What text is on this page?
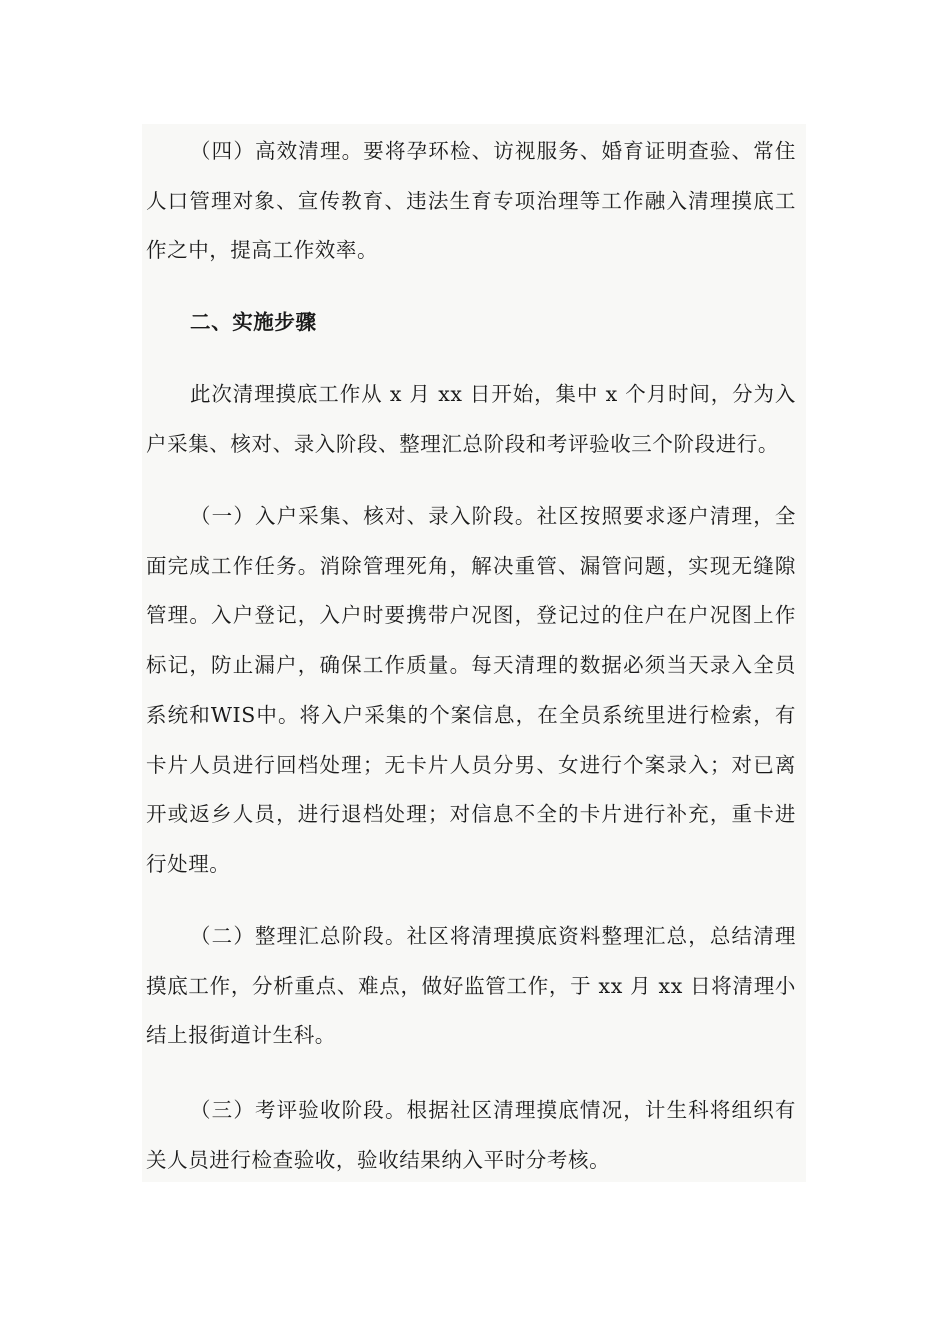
（四）高效清理。要将孕环检、访视服务、婚育证明查验、常住人口管理对象、宣传教育、违法生育专项治理等工作融入清理摸底工作之中，提高工作效率。

二、实施步骤

此次清理摸底工作从 x 月 xx 日开始，集中 x 个月时间，分为入户采集、核对、录入阶段、整理汇总阶段和考评验收三个阶段进行。

（一）入户采集、核对、录入阶段。社区按照要求逐户清理，全面完成工作任务。消除管理死角，解决重管、漏管问题，实现无缝隙管理。入户登记，入户时要携带户况图，登记过的住户在户况图上作标记，防止漏户，确保工作质量。每天清理的数据必须当天录入全员系统和WIS中。将入户采集的个案信息，在全员系统里进行检索，有卡片人员进行回档处理；无卡片人员分男、女进行个案录入；对已离开或返乡人员，进行退档处理；对信息不全的卡片进行补充，重卡进行处理。

（二）整理汇总阶段。社区将清理摸底资料整理汇总，总结清理摸底工作，分析重点、难点，做好监管工作，于 xx 月 xx 日将清理小结上报街道计生科。

（三）考评验收阶段。根据社区清理摸底情况，计生科将组织有关人员进行检查验收，验收结果纳入平时分考核。
